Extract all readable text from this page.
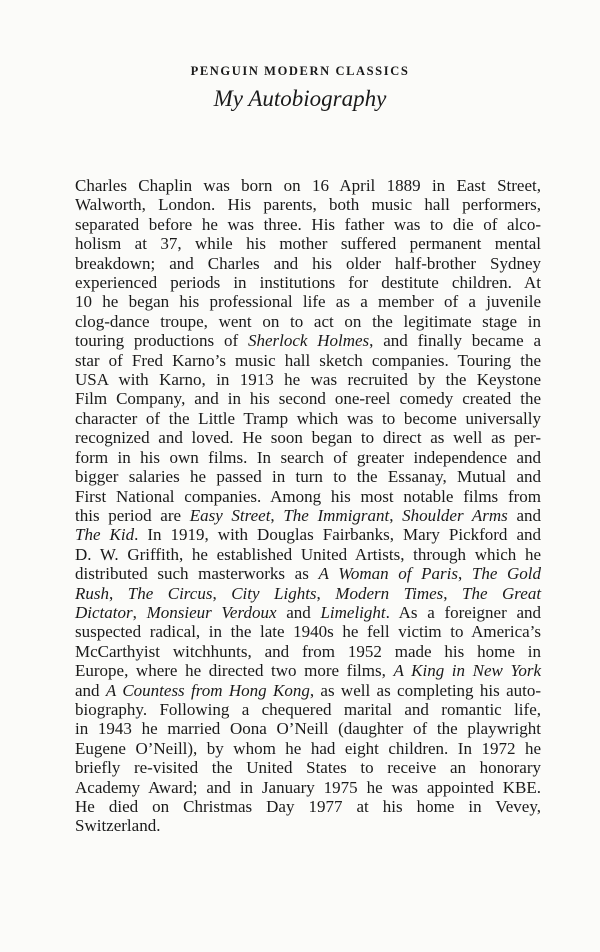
PENGUIN MODERN CLASSICS
My Autobiography
Charles Chaplin was born on 16 April 1889 in East Street,
Walworth, London. His parents, both music hall performers,
separated before he was three. His father was to die of alco-
holism at 37, while his mother suffered permanent mental
breakdown; and Charles and his older half-brother Sydney
experienced periods in institutions for destitute children. At
10 he began his professional life as a member of a juvenile
clog-dance troupe, went on to act on the legitimate stage in
touring productions of Sherlock Holmes, and finally became a
star of Fred Karno’s music hall sketch companies. Touring the
USA with Karno, in 1913 he was recruited by the Keystone
Film Company, and in his second one-reel comedy created the
character of the Little Tramp which was to become universally
recognized and loved. He soon began to direct as well as per-
form in his own films. In search of greater independence and
bigger salaries he passed in turn to the Essanay, Mutual and
First National companies. Among his most notable films from
this period are Easy Street, The Immigrant, Shoulder Arms and
The Kid. In 1919, with Douglas Fairbanks, Mary Pickford and
D. W. Griffith, he established United Artists, through which he
distributed such masterworks as A Woman of Paris, The Gold
Rush, The Circus, City Lights, Modern Times, The Great
Dictator, Monsieur Verdoux and Limelight. As a foreigner and
suspected radical, in the late 1940s he fell victim to America’s
McCarthyist witchhunts, and from 1952 made his home in
Europe, where he directed two more films, A King in New York
and A Countess from Hong Kong, as well as completing his auto-
biography. Following a chequered marital and romantic life,
in 1943 he married Oona O’Neill (daughter of the playwright
Eugene O’Neill), by whom he had eight children. In 1972 he
briefly re-visited the United States to receive an honorary
Academy Award; and in January 1975 he was appointed KBE.
He died on Christmas Day 1977 at his home in Vevey,
Switzerland.
